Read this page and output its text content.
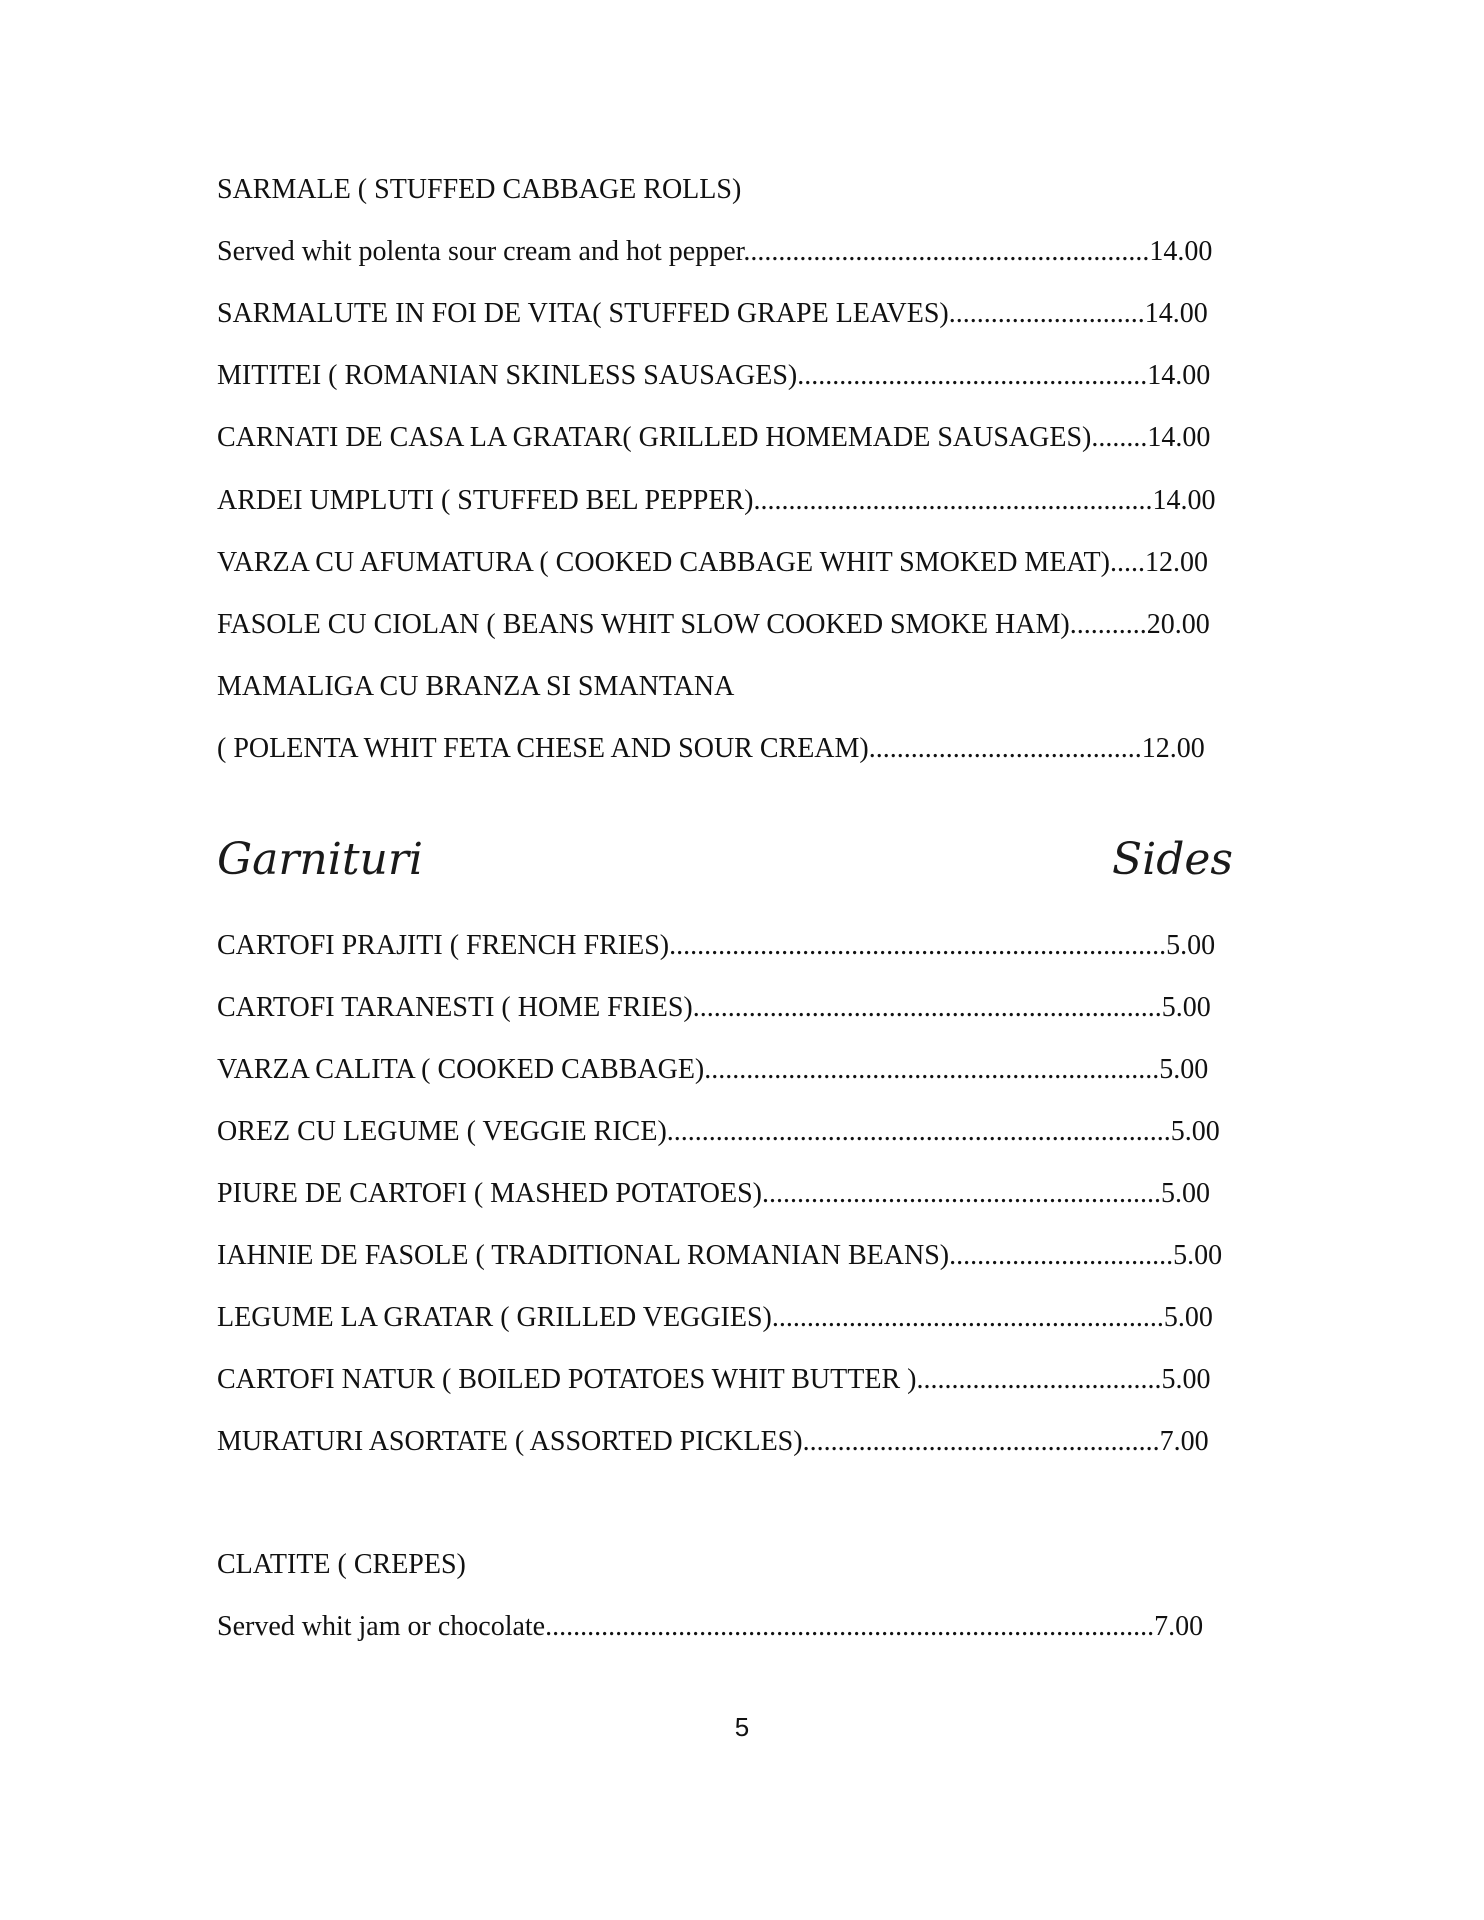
SARMALE ( STUFFED CABBAGE ROLLS)
Served whit polenta sour cream and hot pepper..........................................................14.00
SARMALUTE IN FOI DE VITA( STUFFED GRAPE LEAVES)............................14.00
MITITEI ( ROMANIAN SKINLESS SAUSAGES)..................................................14.00
CARNATI DE CASA LA GRATAR( GRILLED HOMEMADE SAUSAGES)........14.00
ARDEI UMPLUTI ( STUFFED BEL PEPPER).........................................................14.00
VARZA CU AFUMATURA ( COOKED CABBAGE WHIT SMOKED MEAT).....12.00
FASOLE CU CIOLAN ( BEANS WHIT SLOW COOKED SMOKE HAM)...........20.00
MAMALIGA CU BRANZA SI SMANTANA
( POLENTA WHIT FETA CHESE AND SOUR CREAM).......................................12.00
Garnituri	Sides
CARTOFI PRAJITI ( FRENCH FRIES).......................................................................5.00
CARTOFI TARANESTI ( HOME FRIES)...................................................................5.00
VARZA CALITA ( COOKED CABBAGE).................................................................5.00
OREZ CU LEGUME ( VEGGIE RICE)........................................................................5.00
PIURE DE CARTOFI ( MASHED POTATOES).........................................................5.00
IAHNIE DE FASOLE ( TRADITIONAL ROMANIAN BEANS)................................5.00
LEGUME LA GRATAR ( GRILLED VEGGIES)........................................................5.00
CARTOFI NATUR ( BOILED POTATOES WHIT BUTTER )...................................5.00
MURATURI ASORTATE ( ASSORTED PICKLES)...................................................7.00
CLATITE ( CREPES)
Served whit jam or chocolate.......................................................................................7.00
5
